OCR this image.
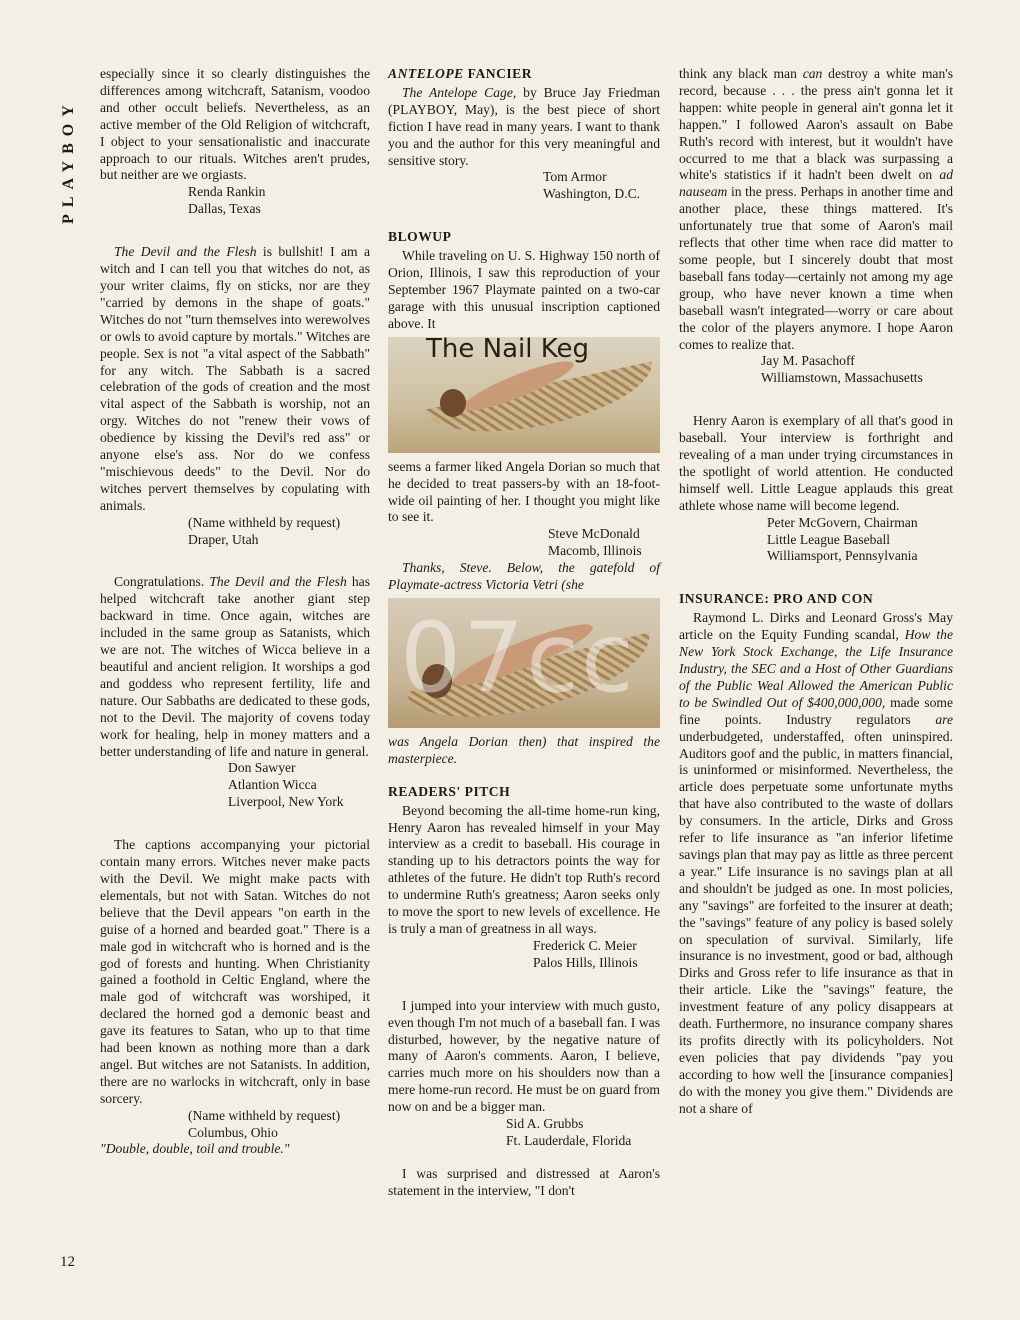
PLAYBOY
12

especially since it so clearly distinguishes the differences among witchcraft, Satanism, voodoo and other occult beliefs. Nevertheless, as an active member of the Old Religion of witchcraft, I object to your sensationalistic and inaccurate approach to our rituals. Witches aren't prudes, but neither are we orgiasts.

Renda Rankin
Dallas, Texas

The Devil and the Flesh is bullshit! I am a witch and I can tell you that witches do not, as your writer claims, fly on sticks, nor are they "carried by demons in the shape of goats." Witches do not "turn themselves into werewolves or owls to avoid capture by mortals." Witches are people. Sex is not "a vital aspect of the Sabbath" for any witch. The Sabbath is a sacred celebration of the gods of creation and the most vital aspect of the Sabbath is worship, not an orgy. Witches do not "renew their vows of obedience by kissing the Devil's red ass" or anyone else's ass. Nor do we confess "mischievous deeds" to the Devil. Nor do witches pervert themselves by copulating with animals.

(Name withheld by request)
Draper, Utah

Congratulations. The Devil and the Flesh has helped witchcraft take another giant step backward in time. Once again, witches are included in the same group as Satanists, which we are not. The witches of Wicca believe in a beautiful and ancient religion. It worships a god and goddess who represent fertility, life and nature. Our Sabbaths are dedicated to these gods, not to the Devil. The majority of covens today work for healing, help in money matters and a better understanding of life and nature in general.

Don Sawyer
Atlantion Wicca
Liverpool, New York

The captions accompanying your pictorial contain many errors. Witches never make pacts with the Devil. We might make pacts with elementals, but not with Satan. Witches do not believe that the Devil appears "on earth in the guise of a horned and bearded goat." There is a male god in witchcraft who is horned and is the god of forests and hunting. When Christianity gained a foothold in Celtic England, where the male god of witchcraft was worshiped, it declared the horned god a demonic beast and gave its features to Satan, who up to that time had been known as nothing more than a dark angel. But witches are not Satanists. In addition, there are no warlocks in witchcraft, only in base sorcery.

(Name withheld by request)
Columbus, Ohio

"Double, double, toil and trouble."

ANTELOPE FANCIER

The Antelope Cage, by Bruce Jay Friedman (PLAYBOY, May), is the best piece of short fiction I have read in many years. I want to thank you and the author for this very meaningful and sensitive story.

Tom Armor
Washington, D.C.
BLOWUP

While traveling on U. S. Highway 150 north of Orion, Illinois, I saw this reproduction of your September 1967 Playmate painted on a two-car garage with this unusual inscription captioned above. It

The Nail Keg

seems a farmer liked Angela Dorian so much that he decided to treat passers-by with an 18-foot-wide oil painting of her. I thought you might like to see it.

Steve McDonald
Macomb, Illinois

Thanks, Steve. Below, the gatefold of Playmate-actress Victoria Vetri (she

was Angela Dorian then) that inspired the masterpiece.

READERS' PITCH

Beyond becoming the all-time home-run king, Henry Aaron has revealed himself in your May interview as a credit to baseball. His courage in standing up to his detractors points the way for athletes of the future. He didn't top Ruth's record to undermine Ruth's greatness; Aaron seeks only to move the sport to new levels of excellence. He is truly a man of greatness in all ways.

Frederick C. Meier
Palos Hills, Illinois

I jumped into your interview with much gusto, even though I'm not much of a baseball fan. I was disturbed, however, by the negative nature of many of Aaron's comments. Aaron, I believe, carries much more on his shoulders now than a mere home-run record. He must be on guard from now on and be a bigger man.

Sid A. Grubbs
Ft. Lauderdale, Florida

I was surprised and distressed at Aaron's statement in the interview, "I don't

think any black man can destroy a white man's record, because . . . the press ain't gonna let it happen: white people in general ain't gonna let it happen." I followed Aaron's assault on Babe Ruth's record with interest, but it wouldn't have occurred to me that a black was surpassing a white's statistics if it hadn't been dwelt on ad nauseam in the press. Perhaps in another time and another place, these things mattered. It's unfortunately true that some of Aaron's mail reflects that other time when race did matter to some people, but I sincerely doubt that most baseball fans today—certainly not among my age group, who have never known a time when baseball wasn't integrated—worry or care about the color of the players anymore. I hope Aaron comes to realize that.

Jay M. Pasachoff
Williamstown, Massachusetts

Henry Aaron is exemplary of all that's good in baseball. Your interview is forthright and revealing of a man under trying circumstances in the spotlight of world attention. He conducted himself well. Little League applauds this great athlete whose name will become legend.

Peter McGovern, Chairman
Little League Baseball
Williamsport, Pennsylvania
INSURANCE: PRO AND CON

Raymond L. Dirks and Leonard Gross's May article on the Equity Funding scandal, How the New York Stock Exchange, the Life Insurance Industry, the SEC and a Host of Other Guardians of the Public Weal Allowed the American Public to be Swindled Out of $400,000,000, made some fine points. Industry regulators are underbudgeted, understaffed, often uninspired. Auditors goof and the public, in matters financial, is uninformed or misinformed. Nevertheless, the article does perpetuate some unfortunate myths that have also contributed to the waste of dollars by consumers. In the article, Dirks and Gross refer to life insurance as "an inferior lifetime savings plan that may pay as little as three percent a year." Life insurance is no savings plan at all and shouldn't be judged as one. In most policies, any "savings" are forfeited to the insurer at death; the "savings" feature of any policy is based solely on speculation of survival. Similarly, life insurance is no investment, good or bad, although Dirks and Gross refer to life insurance as that in their article. Like the "savings" feature, the investment feature of any policy disappears at death. Furthermore, no insurance company shares its profits directly with its policyholders. Not even policies that pay dividends "pay you according to how well the [insurance companies] do with the money you give them." Dividends are not a share of

07cc
